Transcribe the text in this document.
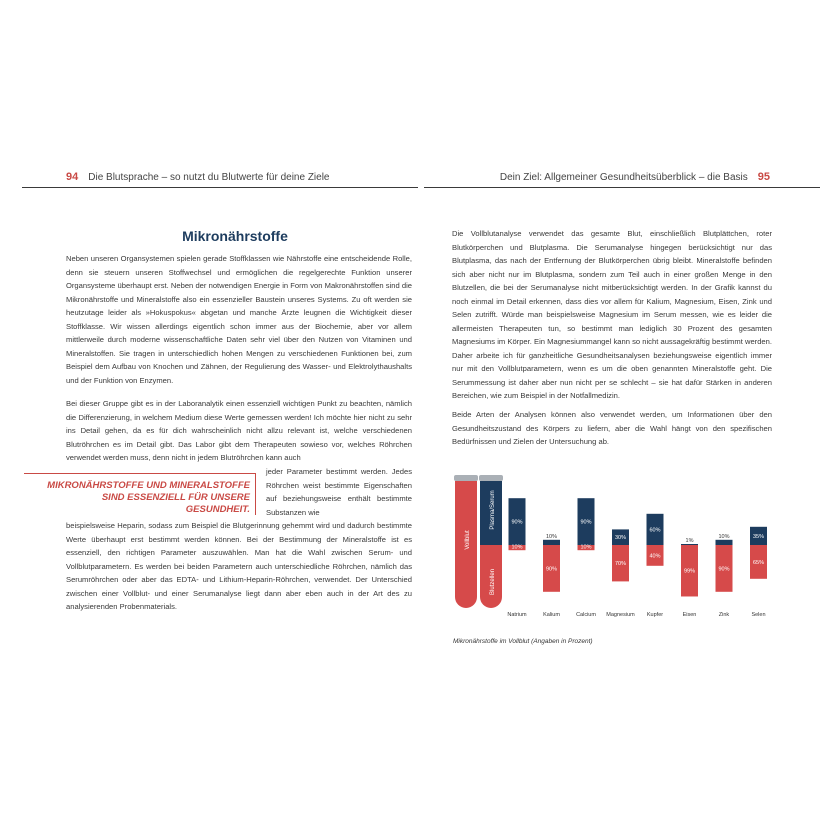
94 Die Blutsprache – so nutzt du Blutwerte für deine Ziele	Dein Ziel: Allgemeiner Gesundheitsüberblick – die Basis 95
Mikronährstoffe

Neben unseren Organsystemen spielen gerade Stoffklassen wie Nährstoffe eine entscheidende Rolle, denn sie steuern unseren Stoffwechsel und ermöglichen die regelgerechte Funktion unserer Organsysteme überhaupt erst. Neben der notwendigen Energie in Form von Makronährstoffen sind die Mikronährstoffe und Mineralstoffe also ein essenzieller Baustein unseres Systems. Zu oft werden sie heutzutage leider als »Hokuspokus« abgetan und manche Ärzte leugnen die Wichtigkeit dieser Stoffklasse. Wir wissen allerdings eigentlich schon immer aus der Biochemie, aber vor allem mittlerweile durch moderne wissenschaftliche Daten sehr viel über den Nutzen von Vitaminen und Mineralstoffen. Sie tragen in unterschiedlich hohen Mengen zu verschiedenen Funktionen bei, zum Beispiel dem Aufbau von Knochen und Zähnen, der Regulierung des Wasser- und Elektrolythaushalts und der Funktion von Enzymen.

Bei dieser Gruppe gibt es in der Laboranalytik einen essenziell wichtigen Punkt zu beachten, nämlich die Differenzierung, in welchem Medium diese Werte gemessen werden! Ich möchte hier nicht zu sehr ins Detail gehen, da es für dich wahrscheinlich nicht allzu relevant ist, welche verschiedenen Blutröhrchen es im Detail gibt. Das Labor gibt dem Therapeuten sowieso vor, welches Röhrchen verwendet werden muss, denn nicht in jedem Blutröhrchen kann auch

jeder Parameter bestimmt werden. Jedes Röhrchen weist bestimmte Eigenschaften auf beziehungsweise enthält bestimmte Substanzen wie

beispielsweise Heparin, sodass zum Beispiel die Blutgerinnung gehemmt wird und dadurch bestimmte Werte überhaupt erst bestimmt werden können. Bei der Bestimmung der Mineralstoffe ist es essenziell, den richtigen Parameter auszuwählen. Man hat die Wahl zwischen Serum- und Vollblutparametern. Es werden bei beiden Parametern auch unterschiedliche Röhrchen, nämlich das Serumröhrchen oder aber das EDTA- und Lithium-Heparin-Röhrchen, verwendet. Der Unterschied zwischen einer Vollblut- und einer Serumanalyse liegt dann aber eben auch in der Art des zu analysierenden Probenmaterials.

MIKRONÄHRSTOFFE UND MINERALSTOFFE SIND ESSENZIELL FÜR UNSERE GESUNDHEIT.

Die Vollblutanalyse verwendet das gesamte Blut, einschließlich Blutplättchen, roter Blutkörperchen und Blutplasma. Die Serumanalyse hingegen berücksichtigt nur das Blutplasma, das nach der Entfernung der Blutkörperchen übrig bleibt. Mineralstoffe befinden sich aber nicht nur im Blutplasma, sondern zum Teil auch in einer großen Menge in den Blutzellen, die bei der Serumanalyse nicht mitberücksichtigt werden. In der Grafik kannst du noch einmal im Detail erkennen, dass dies vor allem für Kalium, Magnesium, Eisen, Zink und Selen zutrifft. Würde man beispielsweise Magnesium im Serum messen, wie es leider die allermeisten Therapeuten tun, so bestimmt man lediglich 30 Prozent des gesamten Magnesiums im Körper. Ein Magnesiummangel kann so nicht aussagekräftig bestimmt werden. Daher arbeite ich für ganzheitliche Gesundheitsanalysen beziehungsweise eigentlich immer nur mit den Vollblutparametern, wenn es um die oben genannten Mineralstoffe geht. Die Serummessung ist daher aber nun nicht per se schlecht – sie hat dafür Stärken in anderen Bereichen, wie zum Beispiel in der Notfallmedizin.

Beide Arten der Analysen können also verwendet werden, um Informationen über den Gesundheitszustand des Körpers zu liefern, aber die Wahl hängt von den spezifischen Bedürfnissen und Zielen der Untersuchung ab.

Vollblut
Plasma/Serum
Blutzellen
90%
10%
Natrium
10%
90%
Kalium
90%
10%
Calcium
30%
70%
Magnesium
60%
40%
Kupfer
1%
99%
Eisen
10%
90%
Zink
35%
65%
Selen
Mikronährstoffe im Vollblut (Angaben in Prozent)
